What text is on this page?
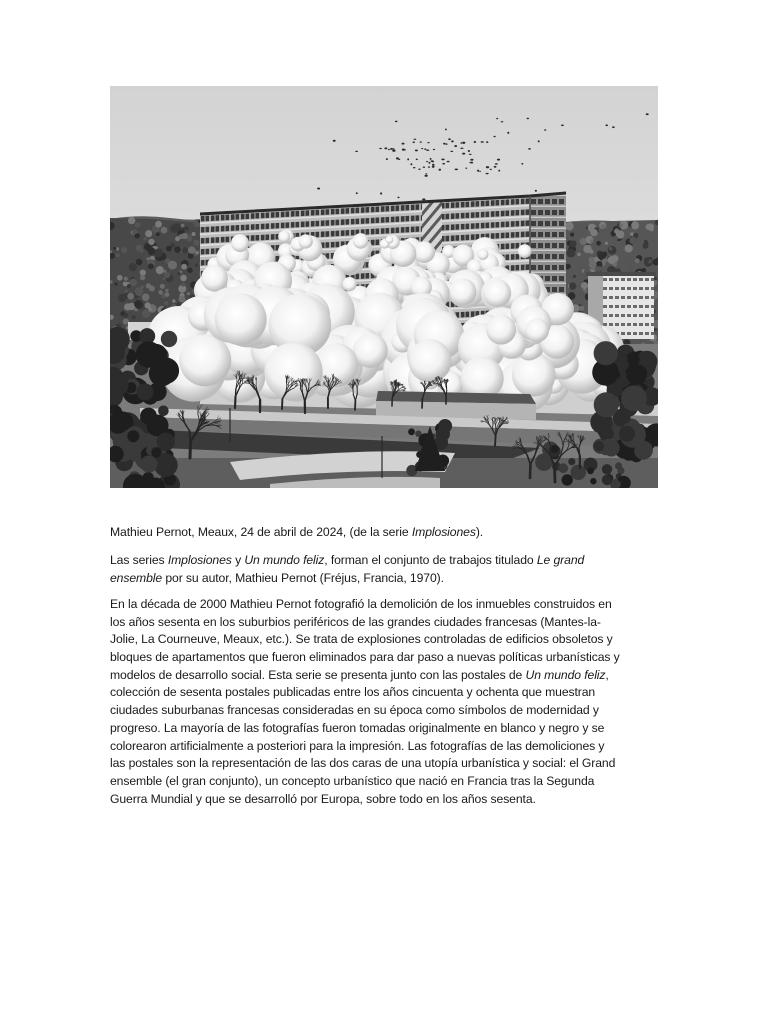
Mathieu Pernot, Meaux, 24 de abril de 2024, (de la serie Implosiones).
Las series Implosiones y Un mundo feliz, forman el conjunto de trabajos titulado Le grand
ensemble por su autor, Mathieu Pernot (Fréjus, Francia, 1970).
En la década de 2000 Mathieu Pernot fotografió la demolición de los inmuebles construidos en
los años sesenta en los suburbios periféricos de las grandes ciudades francesas (Mantes-la-
Jolie, La Courneuve, Meaux, etc.). Se trata de explosiones controladas de edificios obsoletos y
bloques de apartamentos que fueron eliminados para dar paso a nuevas políticas urbanísticas y
modelos de desarrollo social. Esta serie se presenta junto con las postales de Un mundo feliz,
colección de sesenta postales publicadas entre los años cincuenta y ochenta que muestran
ciudades suburbanas francesas consideradas en su época como símbolos de modernidad y
progreso. La mayoría de las fotografías fueron tomadas originalmente en blanco y negro y se
colorearon artificialmente a posteriori para la impresión. Las fotografías de las demoliciones y
las postales son la representación de las dos caras de una utopía urbanística y social: el Grand
ensemble (el gran conjunto), un concepto urbanístico que nació en Francia tras la Segunda
Guerra Mundial y que se desarrolló por Europa, sobre todo en los años sesenta.
